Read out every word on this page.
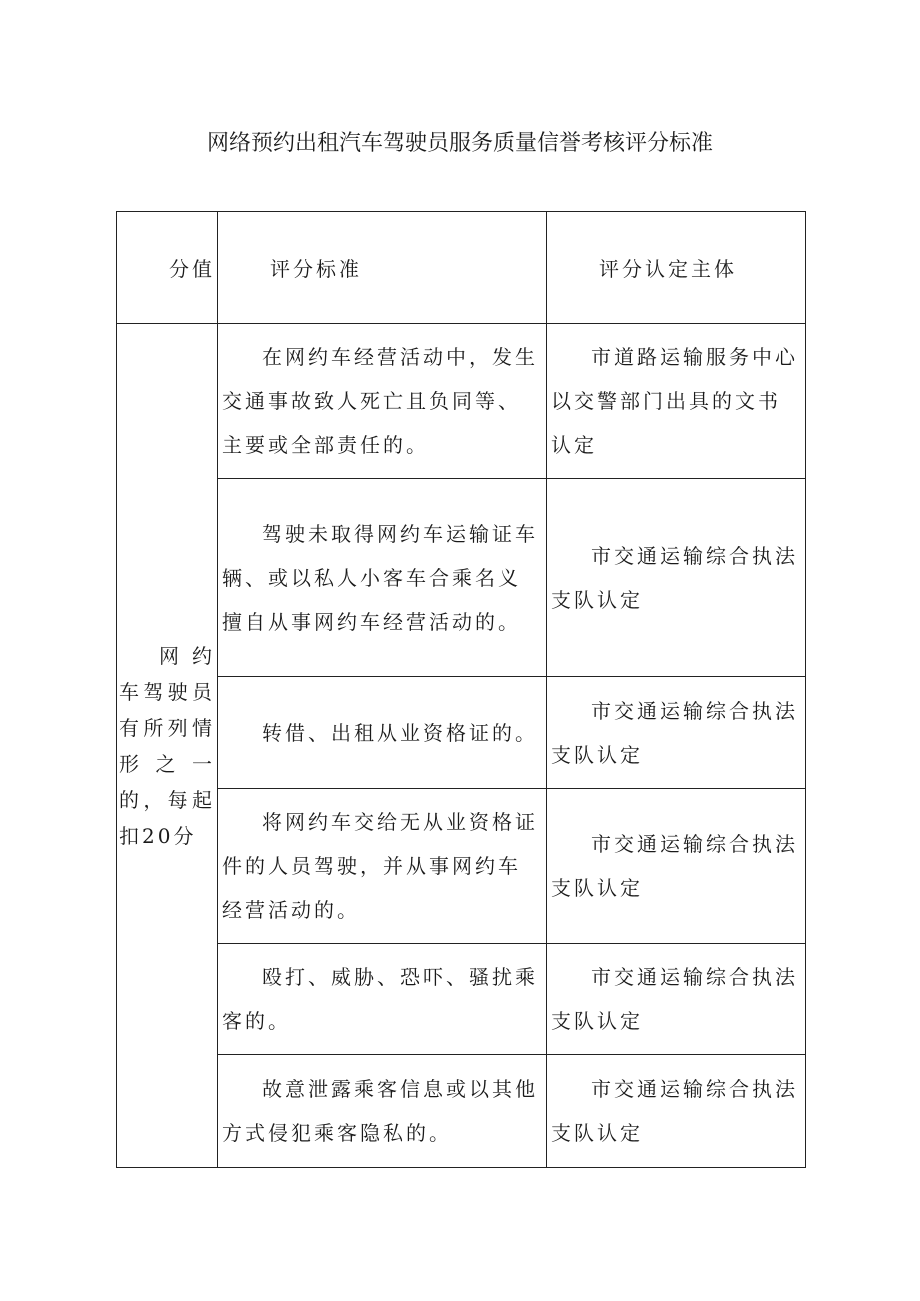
网络预约出租汽车驾驶员服务质量信誉考核评分标准
分值	评分标准	评分认定主体

网约车驾驶员有所列情形之一的，每起扣20分	在网约车经营活动中，发生交通事故致人死亡且负同等、主要或全部责任的。	市道路运输服务中心以交警部门出具的文书认定

	驾驶未取得网约车运输证车辆、或以私人小客车合乘名义擅自从事网约车经营活动的。	市交通运输综合执法支队认定

	转借、出租从业资格证的。	市交通运输综合执法支队认定

	将网约车交给无从业资格证件的人员驾驶，并从事网约车经营活动的。	市交通运输综合执法支队认定

	殴打、威胁、恐吓、骚扰乘客的。	市交通运输综合执法支队认定

	故意泄露乘客信息或以其他方式侵犯乘客隐私的。	市交通运输综合执法支队认定
